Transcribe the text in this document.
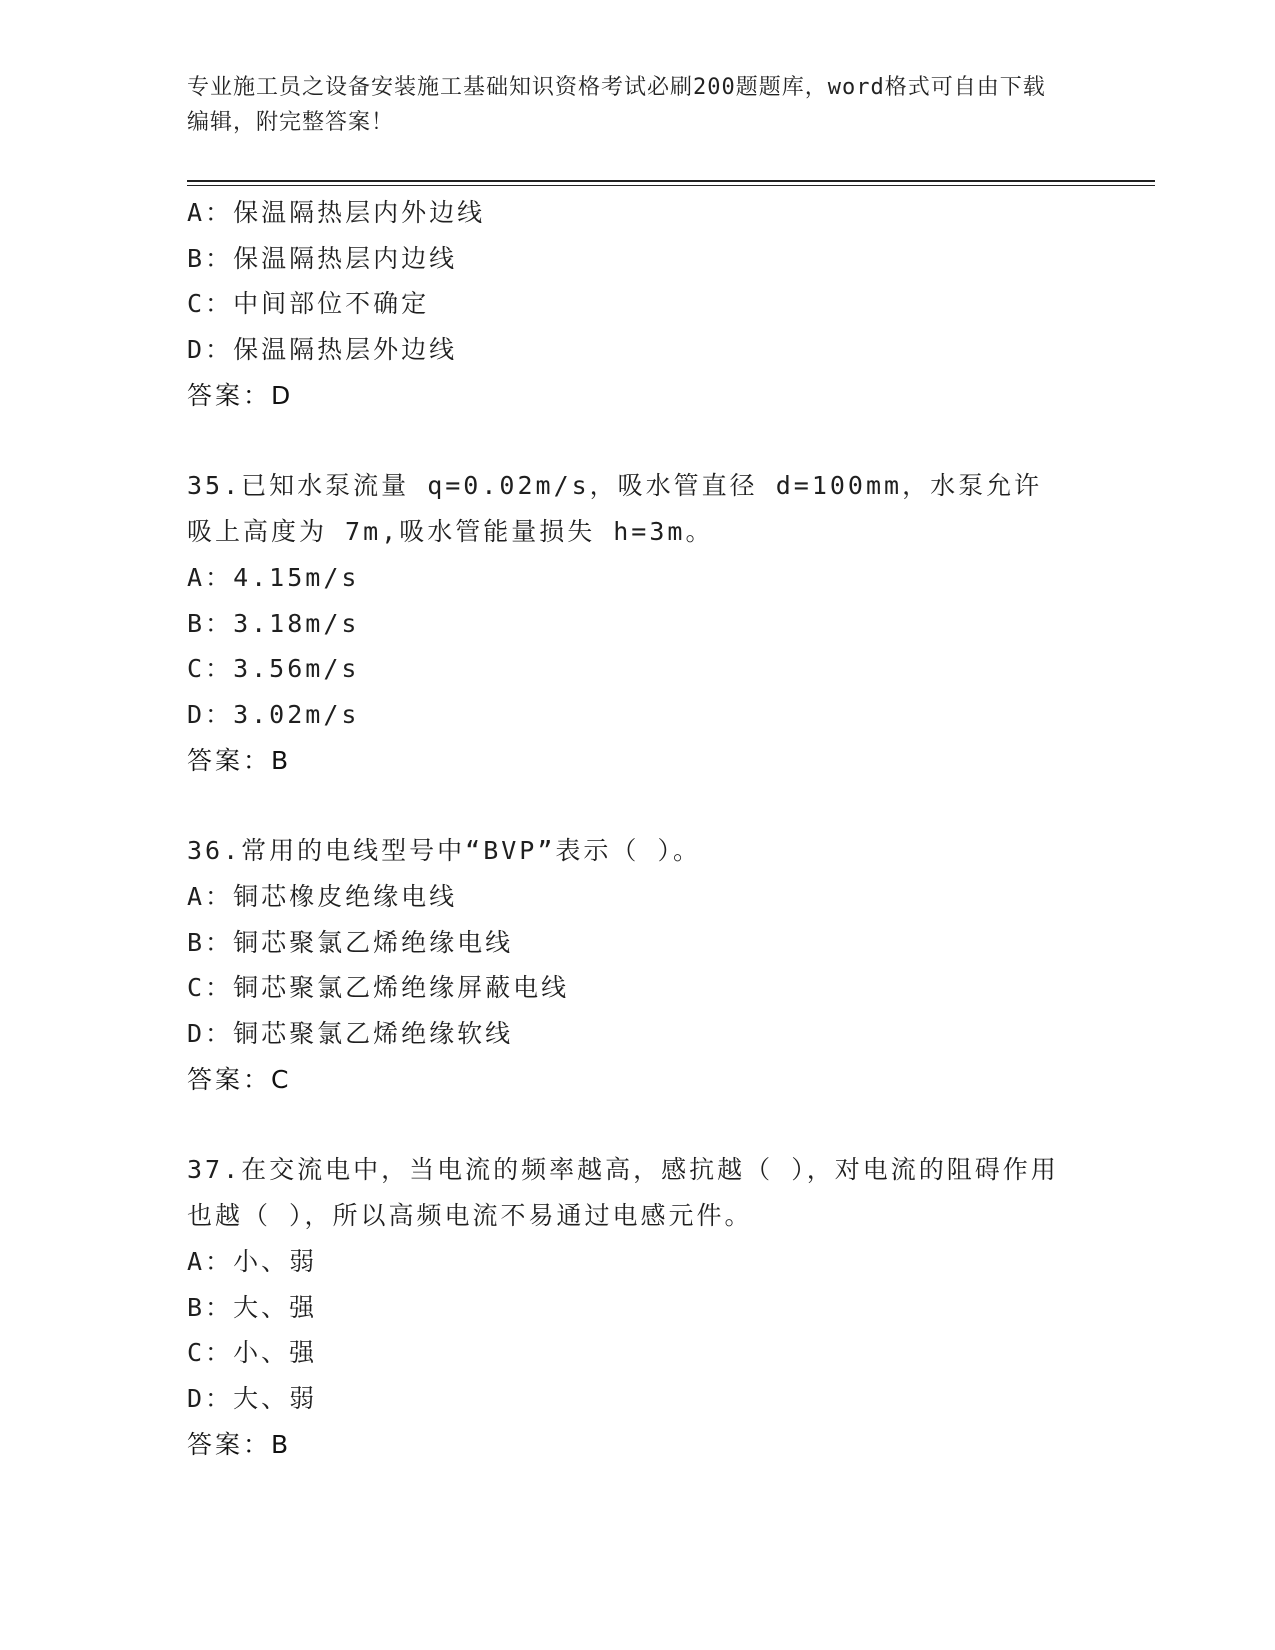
专业施工员之设备安装施工基础知识资格考试必刷200题题库，word格式可自由下载编辑，附完整答案！
A：保温隔热层内外边线
B：保温隔热层内边线
C：中间部位不确定
D：保温隔热层外边线
答案：D
35.已知水泵流量 q=0.02m/s，吸水管直径 d=100mm，水泵允许吸上高度为 7m,吸水管能量损失 h=3m。
A：4.15m/s
B：3.18m/s
C：3.56m/s
D：3.02m/s
答案：B
36.常用的电线型号中“BVP”表示（ ）。
A：铜芯橡皮绝缘电线
B：铜芯聚氯乙烯绝缘电线
C：铜芯聚氯乙烯绝缘屏蔽电线
D：铜芯聚氯乙烯绝缘软线
答案：C
37.在交流电中，当电流的频率越高，感抗越（ ），对电流的阻碍作用也越（ ），所以高频电流不易通过电感元件。
A：小、弱
B：大、强
C：小、强
D：大、弱
答案：B
